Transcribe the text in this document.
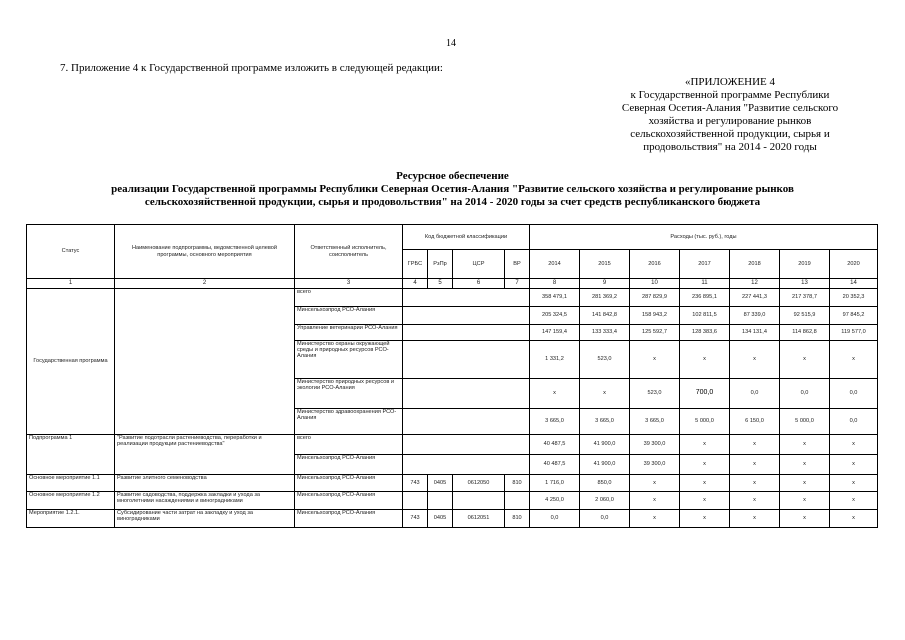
14
7. Приложение 4 к Государственной программе изложить в следующей редакции:
«ПРИЛОЖЕНИЕ 4
к Государственной программе Республики
Северная Осетия-Алания "Развитие сельского
хозяйства и регулирование рынков
сельскохозяйственной продукции, сырья и
продовольствия" на 2014 - 2020 годы
Ресурсное обеспечение
реализации Государственной программы Республики Северная Осетия-Алания "Развитие сельского хозяйства и регулирование рынков
сельскохозяйственной продукции, сырья и продовольствия" на 2014 - 2020 годы за счет средств республиканского бюджета
Статус	Наименование подпрограммы, ведомственной целевой программы, основного мероприятия	Ответственный исполнитель, соисполнитель	Код бюджетной классификации				Расходы (тыс. руб.), годы						
			ГРБС	РзПр	ЦСР	ВР	2014	2015	2016	2017	2018	2019	2020
1	2	3	4	5	6	7	8	9	10	11	12	13	14
Государственная программа		всего					358 479,1	281 369,2	287 829,9	236 895,1	227 441,3	217 378,7	20 352,3
		Минсельхозпрод РСО-Алания					205 324,5	141 842,8	158 943,2	102 811,5	87 339,0	92 515,9	97 845,2
		Управление ветеринарии РСО-Алания					147 159,4	133 333,4	125 592,7	128 383,6	134 131,4	114 862,8	119 577,0
		Министерство охраны окружающей среды и природных ресурсов РСО-Алания					1 331,2	523,0	x	x	x	x	x
		Министерство природных ресурсов и экологии РСО-Алания					x	x	523,0	700,0	0,0	0,0	0,0
		Министерство здравоохранения РСО-Алания					3 665,0	3 665,0	3 665,0	5 000,0	6 150,0	5 000,0	0,0
Подпрограмма 1	"Развитие подотрасли растениеводства, переработки и реализации продукции растениеводства"	всего					40 487,5	41 900,0	39 300,0	x	x	x	x
		Минсельхозпрод РСО-Алания					40 487,5	41 900,0	39 300,0	x	x	x	x
Основное мероприятие 1.1	Развитие элитного семеноводства	Минсельхозпрод РСО-Алания	743	0405	0612050	810	1 716,0	850,0	x	x	x	x	x
Основное мероприятие 1.2	Развитие садоводства, поддержка закладки и ухода за многолетними насаждениями и виноградниками	Минсельхозпрод РСО-Алания					4 250,0	2 060,0	x	x	x	x	x
Мероприятие 1.2.1.	Субсидирование части затрат на закладку и уход за виноградниками	Минсельхозпрод РСО-Алания	743	0405	0612051	810	0,0	0,0	x	x	x	x	x
